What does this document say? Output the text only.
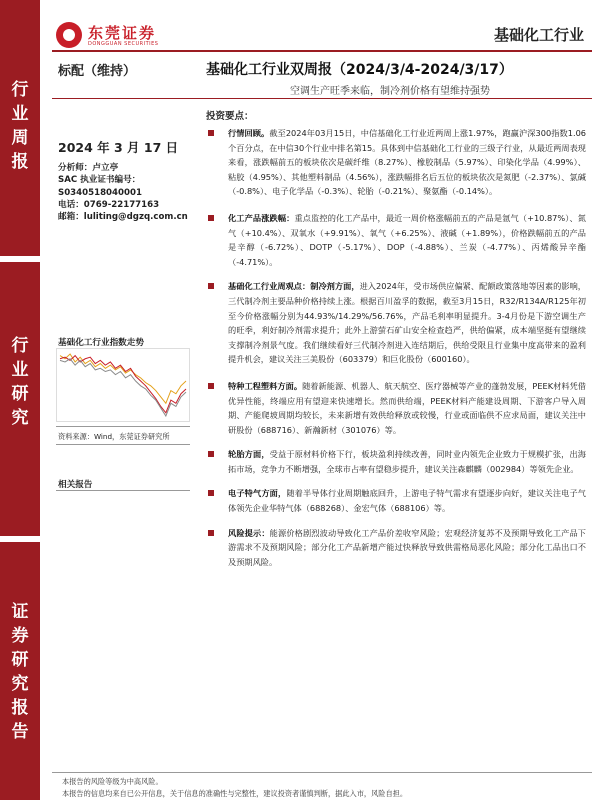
行
业
周
报
行
业
研
究
证
券
研
究
报
告
东莞证券
DONGGUAN SECURITIES	基础化工行业
标配（维持）	基础化工行业双周报（2024/3/4-2024/3/17）
空调生产旺季来临，制冷剂价格有望维持强势
2024 年 3 月 17 日
分析师：卢立亭
SAC 执业证书编号：
S0340518040001
电话：0769-22177163
邮箱：luliting@dgzq.com.cn
基础化工行业指数走势
资料来源：Wind，东莞证券研究所
相关报告
投资要点：
行情回顾。截至2024年03月15日，中信基础化工行业近两周上涨1.97%，跑赢沪深300指数1.06个百分点，在中信30个行业中排名第15。具体到中信基础化工行业的三级子行业，从最近两周表现来看，涨跌幅前五的板块依次是碳纤维（8.27%）、橡胶制品（5.97%）、印染化学品（4.99%）、粘胶（4.95%）、其他塑料制品（4.56%），涨跌幅排名后五位的板块依次是氮肥（-2.37%）、氯碱（-0.8%）、电子化学品（-0.3%）、轮胎（-0.21%）、聚氨酯（-0.14%）。
化工产品涨跌幅：重点监控的化工产品中，最近一周价格涨幅前五的产品是氩气（+10.87%）、氮气（+10.4%）、双氧水（+9.91%）、氧气（+6.25%）、液碱（+1.89%），价格跌幅前五的产品是辛醇（-6.72%）、DOTP（-5.17%）、DOP（-4.88%）、兰炭（-4.77%）、丙烯酸异辛酯（-4.71%）。
基础化工行业周观点：制冷剂方面，进入2024年，受市场供应偏紧、配额政策落地等因素的影响，三代制冷剂主要品种价格持续上涨。根据百川盈孚的数据，截至3月15日，R32/R134A/R125年初至今价格涨幅分别为44.93%/14.29%/56.76%，产品毛利率明显提升。3-4月份是下游空调生产的旺季，利好制冷剂需求提升；此外上游萤石矿山安全检查趋严，供给偏紧，成本端坚挺有望继续支撑制冷剂景气度。我们继续看好三代制冷剂进入连结期后，供给受限且行业集中度高带来的盈利提升机会，建议关注三美股份（603379）和巨化股份（600160）。
特种工程塑料方面。随着新能源、机器人、航天航空、医疗器械等产业的蓬勃发展，PEEK材料凭借优异性能，终端应用有望迎来快速增长。然而供给端，PEEK材料产能建设周期、下游客户导入周期、产能爬坡周期均较长，未来新增有效供给释放或较慢，行业或面临供不应求局面，建议关注中研股份（688716）、新瀚新材（301076）等。
轮胎方面，受益于原材料价格下行，板块盈利持续改善，同时业内领先企业致力于规模扩张，出海拓市场，竞争力不断增强，全球市占率有望稳步提升，建议关注森麒麟（002984）等领先企业。
电子特气方面，随着半导体行业周期触底回升，上游电子特气需求有望逐步向好，建议关注电子气体领先企业华特气体（688268）、金宏气体（688106）等。
风险提示：能源价格剧烈波动导致化工产品价差收窄风险；宏观经济复苏不及预期导致化工产品下游需求不及预期风险；部分化工产品新增产能过快释放导致供需格局恶化风险；部分化工品出口不及预期风险。
本报告的风险等级为中高风险。
本报告的信息均来自已公开信息，关于信息的准确性与完整性，建议投资者谨慎判断，据此入市，风险自担。
